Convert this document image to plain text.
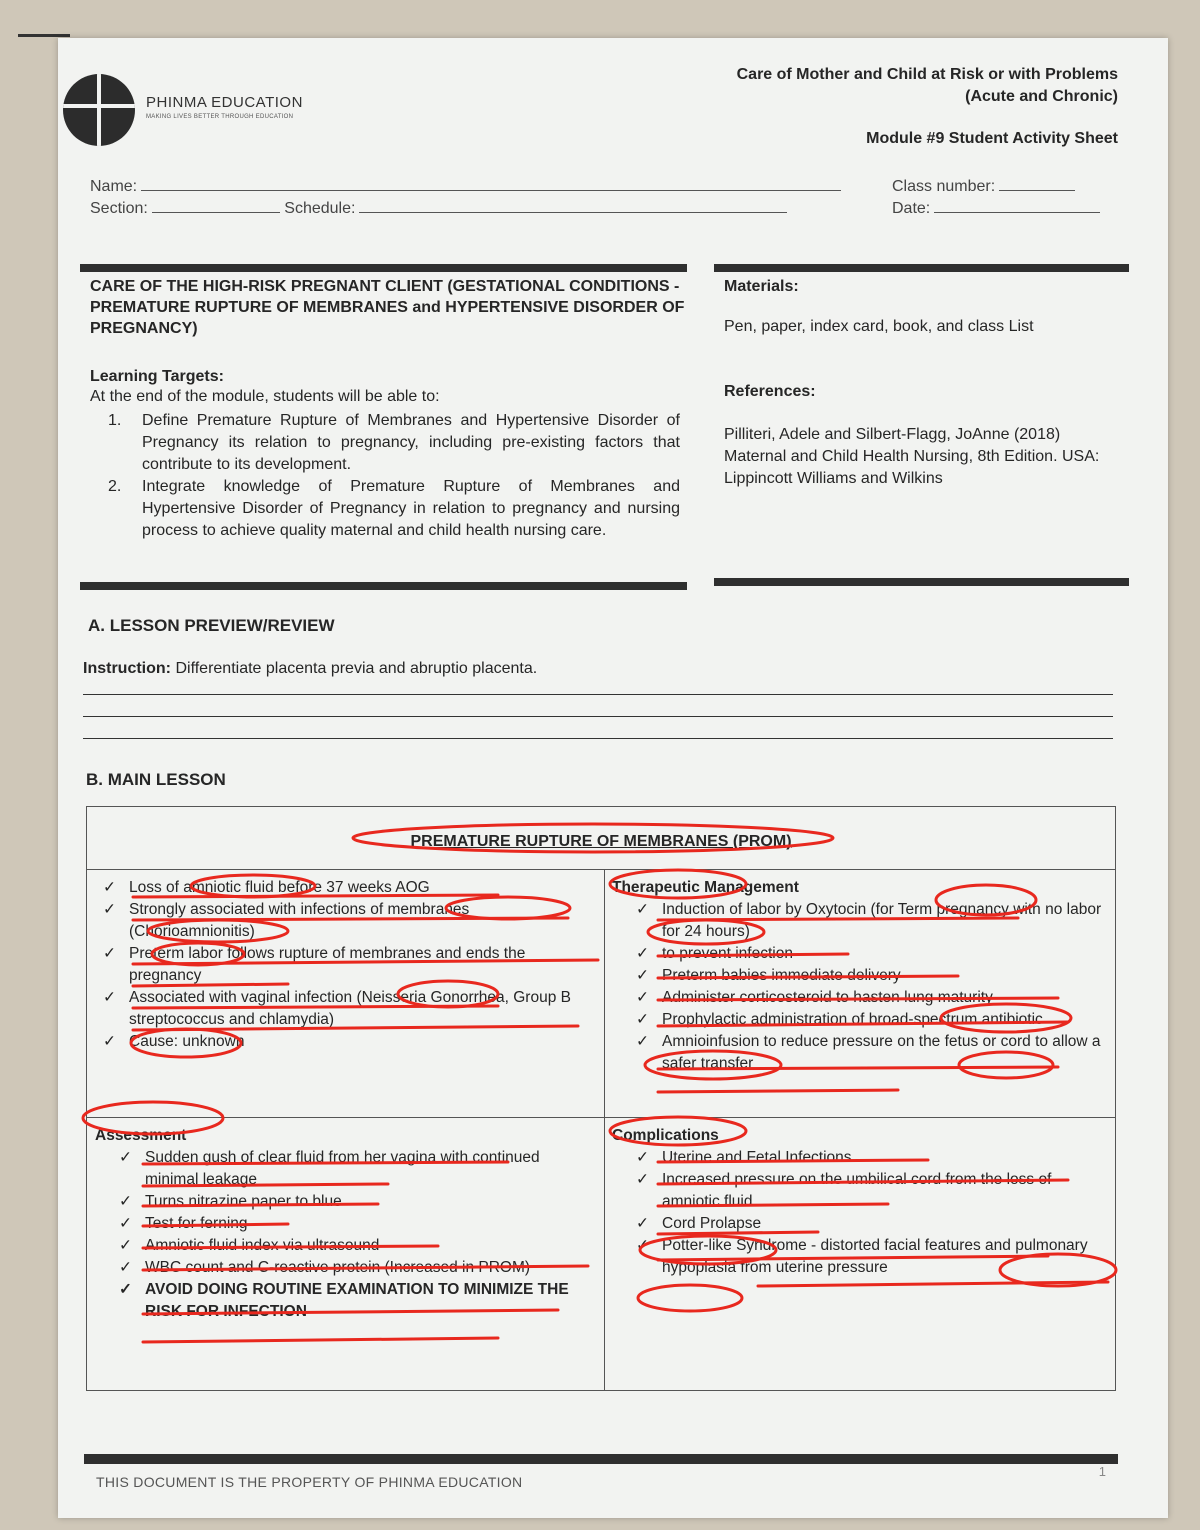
PHINMA EDUCATION
MAKING LIVES BETTER THROUGH EDUCATION
Care of Mother and Child at Risk or with Problems (Acute and Chronic)
Module #9 Student Activity Sheet
Name:
Section:	Schedule:
Class number:
Date:
CARE OF THE HIGH-RISK PREGNANT CLIENT (GESTATIONAL CONDITIONS - PREMATURE RUPTURE OF MEMBRANES and HYPERTENSIVE DISORDER OF PREGNANCY)
Learning Targets:
At the end of the module, students will be able to:
1. Define Premature Rupture of Membranes and Hypertensive Disorder of Pregnancy its relation to pregnancy, including pre-existing factors that contribute to its development.
2. Integrate knowledge of Premature Rupture of Membranes and Hypertensive Disorder of Pregnancy in relation to pregnancy and nursing process to achieve quality maternal and child health nursing care.
Materials:
Pen, paper, index card, book, and class List
References:
Pilliteri, Adele and Silbert-Flagg, JoAnne (2018) Maternal and Child Health Nursing, 8th Edition. USA: Lippincott Williams and Wilkins
A. LESSON PREVIEW/REVIEW
Instruction: Differentiate placenta previa and abruptio placenta.
B. MAIN LESSON
PREMATURE RUPTURE OF MEMBRANES (PROM)
✓ Loss of amniotic fluid before 37 weeks AOG
✓ Strongly associated with infections of membranes (Chorioamnionitis)
✓ Preterm labor follows rupture of membranes and ends the pregnancy
✓ Associated with vaginal infection (Neisseria Gonorrhea, Group B streptococcus and chlamydia)
✓ Cause: unknown
Therapeutic Management
✓ Induction of labor by Oxytocin (for Term pregnancy with no labor for 24 hours)
✓ to prevent infection
✓ Preterm babies immediate delivery
✓ Administer corticosteroid to hasten lung maturity
✓ Prophylactic administration of broad-spectrum antibiotic
✓ Amnioinfusion to reduce pressure on the fetus or cord to allow a safer transfer
Assessment
✓ Sudden gush of clear fluid from her vagina with continued minimal leakage
✓ Turns nitrazine paper to blue
✓ Test for ferning
✓ Amniotic fluid index via ultrasound
✓ WBC count and C-reactive protein (Increased in PROM)
✓ AVOID DOING ROUTINE EXAMINATION TO MINIMIZE THE RISK FOR INFECTION
Complications
✓ Uterine and Fetal Infections
✓ Increased pressure on the umbilical cord from the loss of amniotic fluid
✓ Cord Prolapse
✓ Potter-like Syndrome - distorted facial features and pulmonary hypoplasia from uterine pressure
THIS DOCUMENT IS THE PROPERTY OF PHINMA EDUCATION
1
